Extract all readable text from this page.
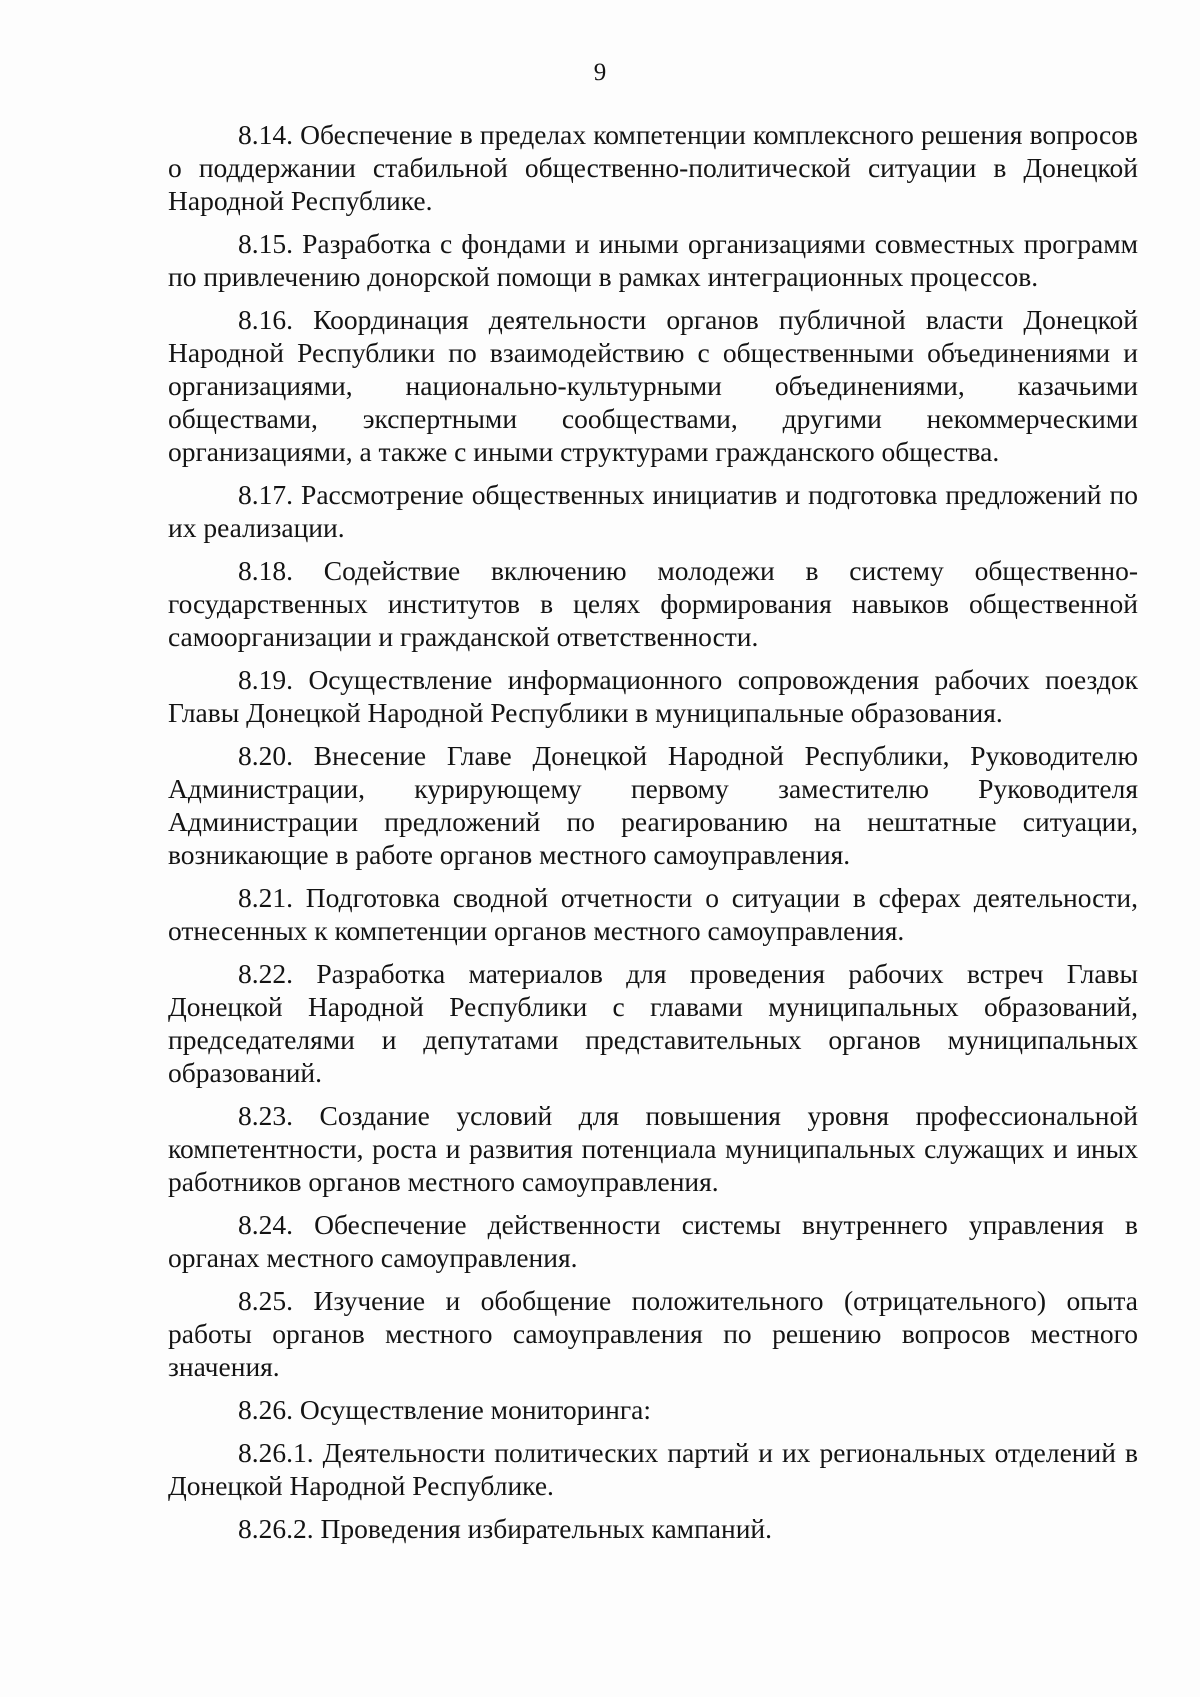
9

8.14. Обеспечение в пределах компетенции комплексного решения вопросов о поддержании стабильной общественно-политической ситуации в Донецкой Народной Республике.

8.15. Разработка с фондами и иными организациями совместных программ по привлечению донорской помощи в рамках интеграционных процессов.

8.16. Координация деятельности органов публичной власти Донецкой Народной Республики по взаимодействию с общественными объединениями и организациями, национально-культурными объединениями, казачьими обществами, экспертными сообществами, другими некоммерческими организациями, а также с иными структурами гражданского общества.

8.17. Рассмотрение общественных инициатив и подготовка предложений по их реализации.

8.18. Содействие включению молодежи в систему общественно-государственных институтов в целях формирования навыков общественной самоорганизации и гражданской ответственности.

8.19. Осуществление информационного сопровождения рабочих поездок Главы Донецкой Народной Республики в муниципальные образования.

8.20. Внесение Главе Донецкой Народной Республики, Руководителю Администрации, курирующему первому заместителю Руководителя Администрации предложений по реагированию на нештатные ситуации, возникающие в работе органов местного самоуправления.

8.21. Подготовка сводной отчетности о ситуации в сферах деятельности, отнесенных к компетенции органов местного самоуправления.

8.22. Разработка материалов для проведения рабочих встреч Главы Донецкой Народной Республики с главами муниципальных образований, председателями и депутатами представительных органов муниципальных образований.

8.23. Создание условий для повышения уровня профессиональной компетентности, роста и развития потенциала муниципальных служащих и иных работников органов местного самоуправления.

8.24. Обеспечение действенности системы внутреннего управления в органах местного самоуправления.

8.25. Изучение и обобщение положительного (отрицательного) опыта работы органов местного самоуправления по решению вопросов местного значения.

8.26. Осуществление мониторинга:

8.26.1. Деятельности политических партий и их региональных отделений в Донецкой Народной Республике.

8.26.2. Проведения избирательных кампаний.
